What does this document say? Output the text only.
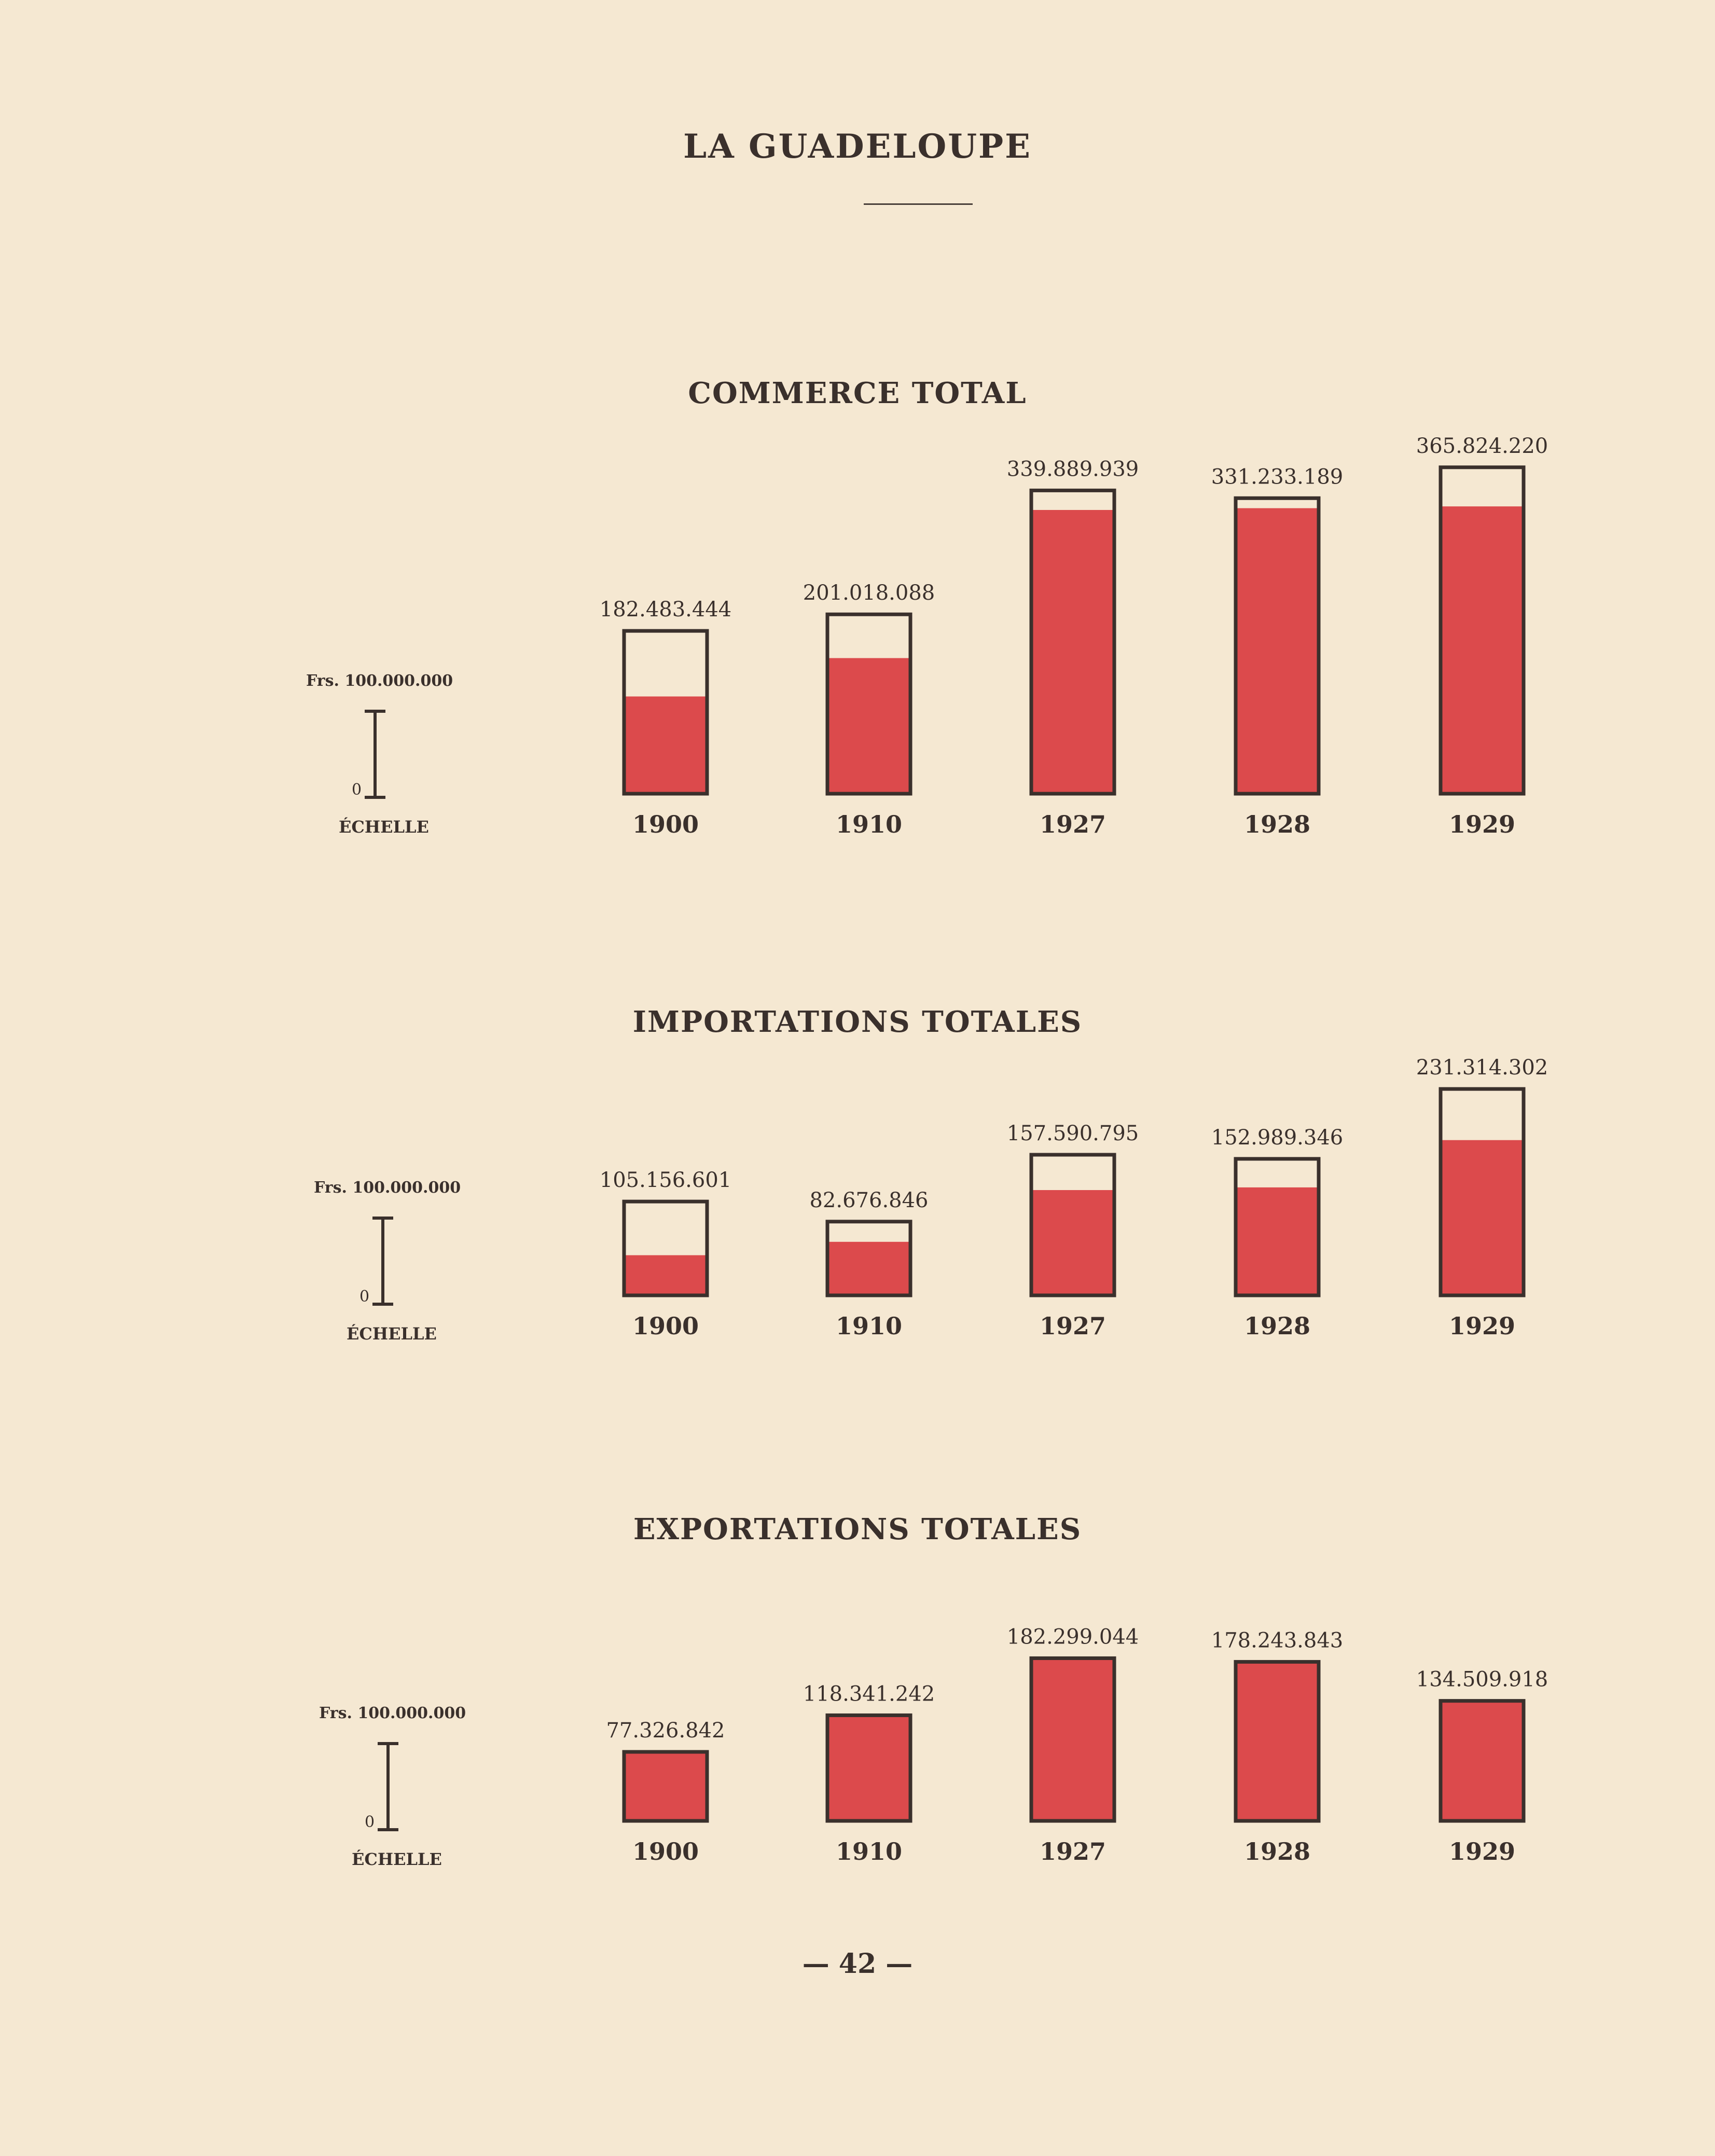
LA GUADELOUPE
COMMERCE TOTAL
Frs. 100.000.000
0
ÉCHELLE
182.483.444
1900
201.018.088
1910
339.889.939
1927
331.233.189
1928
365.824.220
1929
IMPORTATIONS TOTALES
Frs. 100.000.000
0
ÉCHELLE
105.156.601
1900
82.676.846
1910
157.590.795
1927
152.989.346
1928
231.314.302
1929
EXPORTATIONS TOTALES
Frs. 100.000.000
0
ÉCHELLE
77.326.842
1900
118.341.242
1910
182.299.044
1927
178.243.843
1928
134.509.918
1929
— 42 —
